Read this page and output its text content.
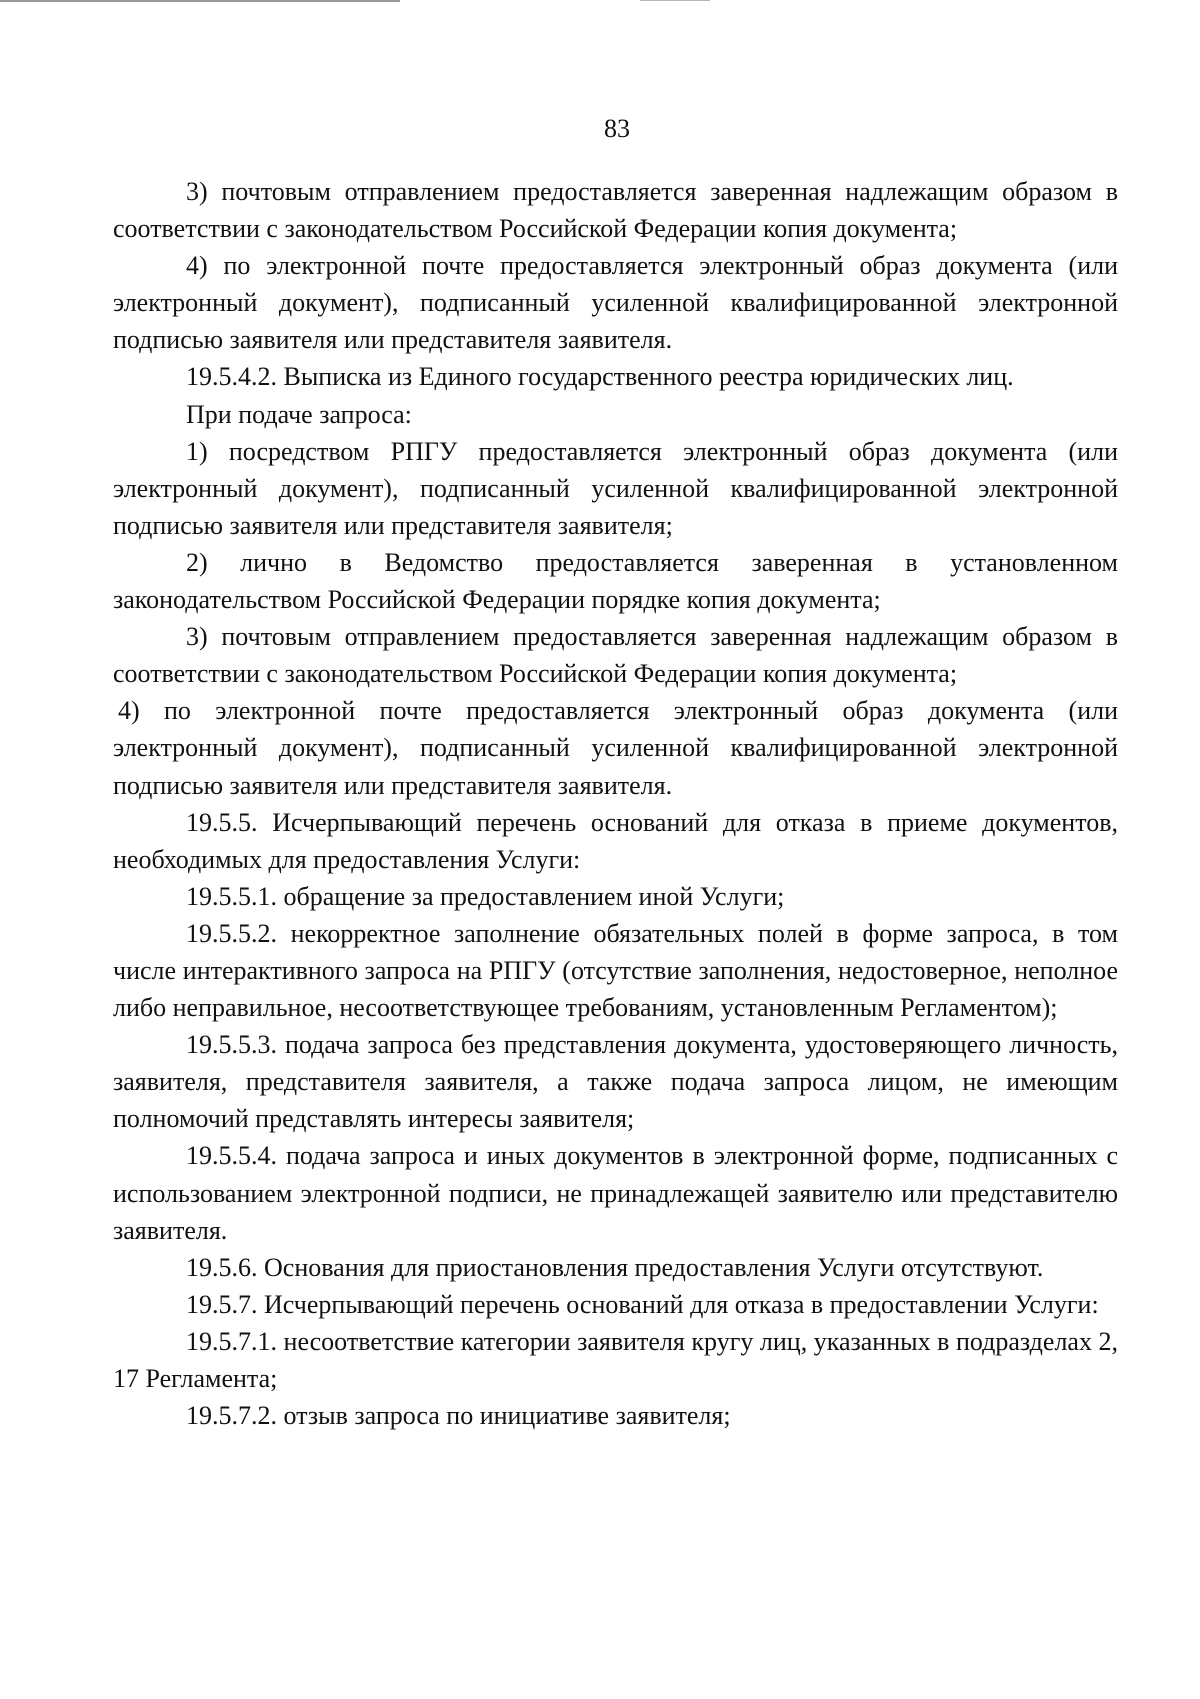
83

3) почтовым отправлением предоставляется заверенная надлежащим образом в соответствии с законодательством Российской Федерации копия документа;

4) по электронной почте предоставляется электронный образ документа (или электронный документ), подписанный усиленной квалифицированной электронной подписью заявителя или представителя заявителя.

19.5.4.2. Выписка из Единого государственного реестра юридических лиц.

При подаче запроса:

1) посредством РПГУ предоставляется электронный образ документа (или электронный документ), подписанный усиленной квалифицированной электронной подписью заявителя или представителя заявителя;

2) лично в Ведомство предоставляется заверенная в установленном законодательством Российской Федерации порядке копия документа;

3) почтовым отправлением предоставляется заверенная надлежащим образом в соответствии с законодательством Российской Федерации копия документа;

4) по электронной почте предоставляется электронный образ документа (или электронный документ), подписанный усиленной квалифицированной электронной подписью заявителя или представителя заявителя.

19.5.5. Исчерпывающий перечень оснований для отказа в приеме документов, необходимых для предоставления Услуги:

19.5.5.1. обращение за предоставлением иной Услуги;

19.5.5.2. некорректное заполнение обязательных полей в форме запроса, в том числе интерактивного запроса на РПГУ (отсутствие заполнения, недостоверное, неполное либо неправильное, несоответствующее требованиям, установленным Регламентом);

19.5.5.3. подача запроса без представления документа, удостоверяющего личность, заявителя, представителя заявителя, а также подача запроса лицом, не имеющим полномочий представлять интересы заявителя;

19.5.5.4. подача запроса и иных документов в электронной форме, подписанных с использованием электронной подписи, не принадлежащей заявителю или представителю заявителя.

19.5.6. Основания для приостановления предоставления Услуги отсутствуют.

19.5.7. Исчерпывающий перечень оснований для отказа в предоставлении Услуги:

19.5.7.1. несоответствие категории заявителя кругу лиц, указанных в подразделах 2, 17 Регламента;

19.5.7.2. отзыв запроса по инициативе заявителя;
